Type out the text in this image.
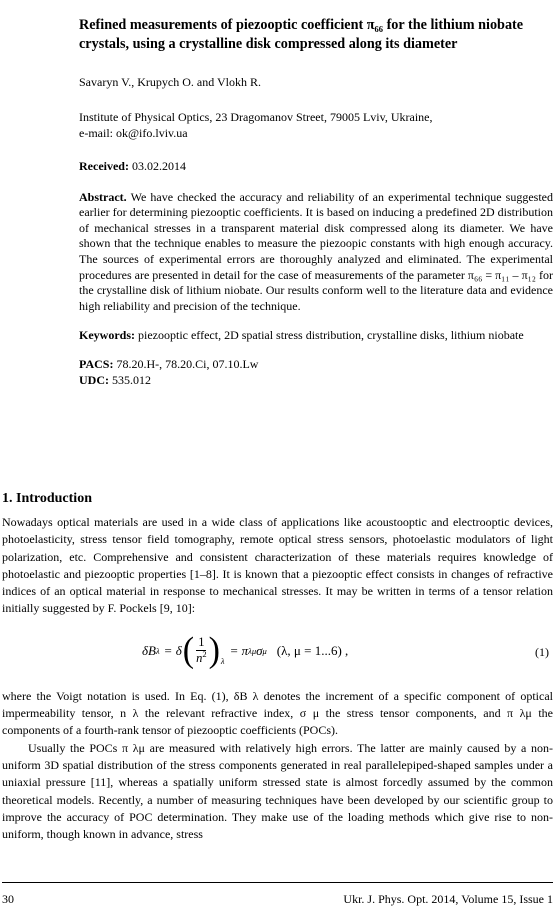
Refined measurements of piezooptic coefficient π₆₆ for the lithium niobate crystals, using a crystalline disk compressed along its diameter
Savaryn V., Krupych O. and Vlokh R.
Institute of Physical Optics, 23 Dragomanov Street, 79005 Lviv, Ukraine,
e-mail: ok@ifo.lviv.ua
Received: 03.02.2014
Abstract. We have checked the accuracy and reliability of an experimental technique suggested earlier for determining piezooptic coefficients. It is based on inducing a predefined 2D distribution of mechanical stresses in a transparent material disk compressed along its diameter. We have shown that the technique enables to measure the piezoopic constants with high enough accuracy. The sources of experimental errors are thoroughly analyzed and eliminated. The experimental procedures are presented in detail for the case of measurements of the parameter π₆₆ = π₁₁ – π₁₂ for the crystalline disk of lithium niobate. Our results conform well to the literature data and evidence high reliability and precision of the technique.
Keywords: piezooptic effect, 2D spatial stress distribution, crystalline disks, lithium niobate
PACS: 78.20.H-, 78.20.Ci, 07.10.Lw
UDC: 535.012
1. Introduction

Nowadays optical materials are used in a wide class of applications like acoustooptic and electrooptic devices, photoelasticity, stress tensor field tomography, remote optical stress sensors, photoelastic modulators of light polarization, etc. Comprehensive and consistent characterization of these materials requires knowledge of photoelastic and piezooptic properties [1–8]. It is known that a piezooptic effect consists in changes of refractive indices of an optical material in response to mechanical stresses. It may be written in terms of a tensor relation initially suggested by F. Pockels [9, 10]:

δB λ = δ ( $\frac{1}{n^2} )_\lambda$
= π λμ σ μ (λ, μ = 1...6) ,	(1)

where the Voigt notation is used. In Eq. (1), δB λ denotes the increment of a specific component of optical impermeability tensor, n λ the relevant refractive index, σ μ the stress tensor components, and π λμ the components of a fourth-rank tensor of piezooptic coefficients (POCs).

Usually the POCs π λμ are measured with relatively high errors. The latter are mainly caused by a non-uniform 3D spatial distribution of the stress components generated in real parallelepiped-shaped samples under a uniaxial pressure [11], whereas a spatially uniform stressed state is almost forcedly assumed by the common theoretical models. Recently, a number of measuring techniques have been developed by our scientific group to improve the accuracy of POC determination. They make use of the loading methods which give rise to non-uniform, though known in advance, stress

30	Ukr. J. Phys. Opt. 2014, Volume 15, Issue 1
